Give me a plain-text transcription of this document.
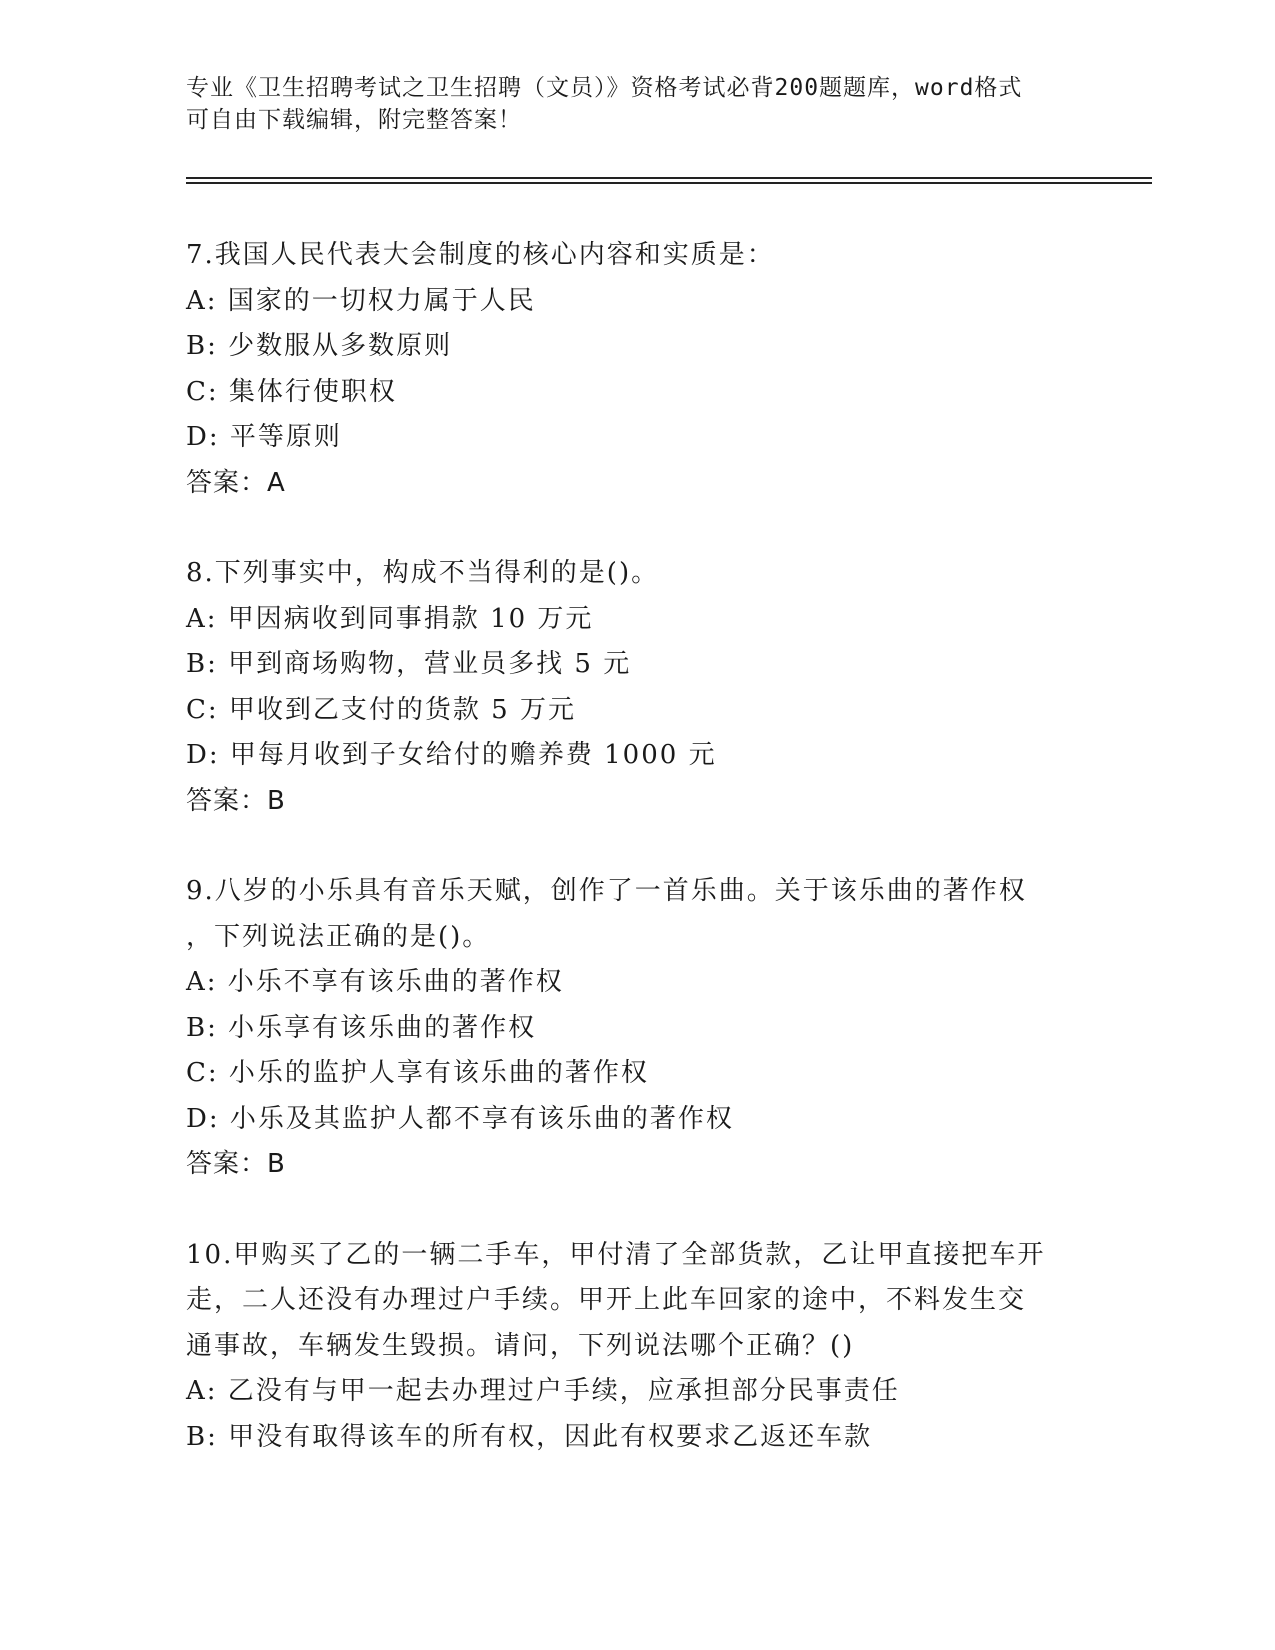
专业《卫生招聘考试之卫生招聘（文员）》资格考试必背200题题库，word格式
可自由下载编辑，附完整答案！
7.我国人民代表大会制度的核心内容和实质是：
A: 国家的一切权力属于人民
B: 少数服从多数原则
C: 集体行使职权
D: 平等原则
答案：A
8.下列事实中，构成不当得利的是()。
A: 甲因病收到同事捐款 10 万元
B: 甲到商场购物，营业员多找 5 元
C: 甲收到乙支付的货款 5 万元
D: 甲每月收到子女给付的赡养费 1000 元
答案：B
9.八岁的小乐具有音乐天赋，创作了一首乐曲。关于该乐曲的著作权
，下列说法正确的是()。
A: 小乐不享有该乐曲的著作权
B: 小乐享有该乐曲的著作权
C: 小乐的监护人享有该乐曲的著作权
D: 小乐及其监护人都不享有该乐曲的著作权
答案：B
10.甲购买了乙的一辆二手车，甲付清了全部货款，乙让甲直接把车开
走，二人还没有办理过户手续。甲开上此车回家的途中，不料发生交
通事故，车辆发生毁损。请问，下列说法哪个正确？()
A: 乙没有与甲一起去办理过户手续，应承担部分民事责任
B: 甲没有取得该车的所有权，因此有权要求乙返还车款
